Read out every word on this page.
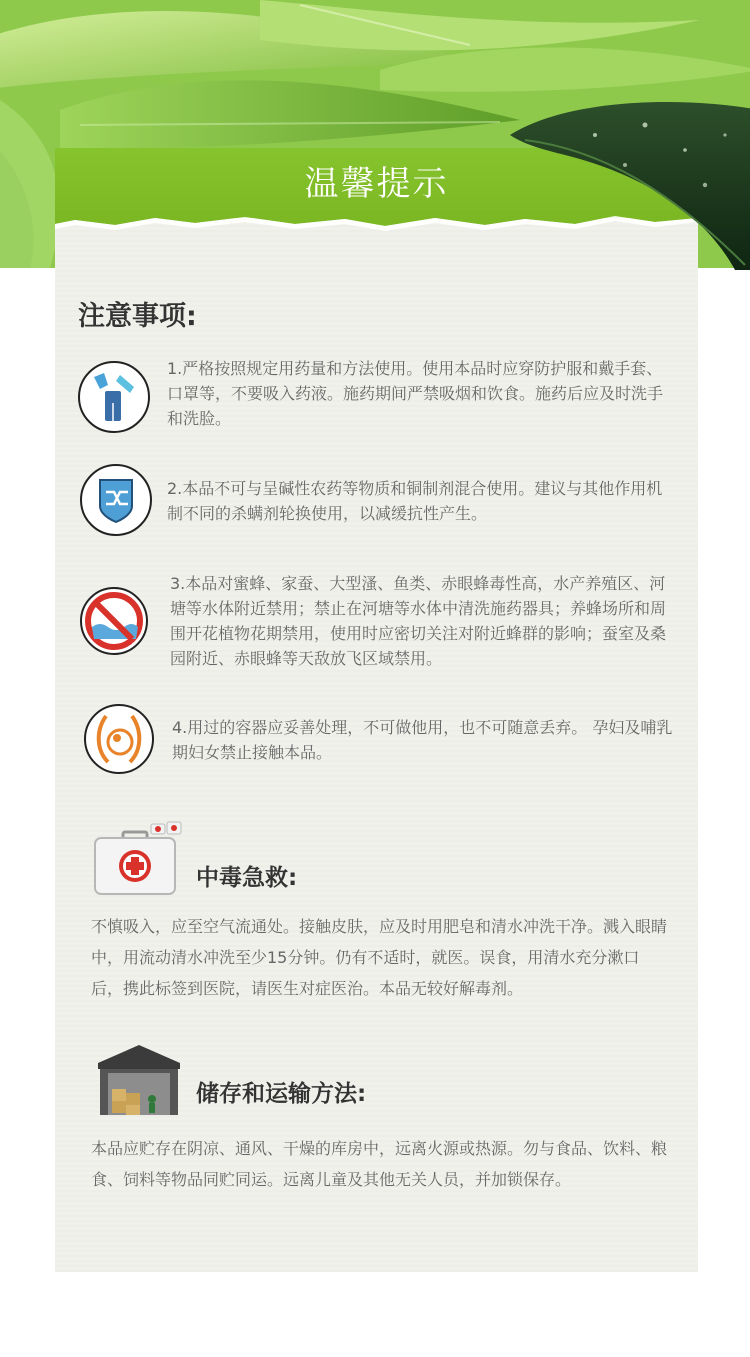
温馨提示
注意事项:

1.严格按照规定用药量和方法使用。使用本品时应穿防护服和戴手套、口罩等，不要吸入药液。施药期间严禁吸烟和饮食。施药后应及时洗手和洗脸。

2.本品不可与呈碱性农药等物质和铜制剂混合使用。建议与其他作用机制不同的杀螨剂轮换使用，以减缓抗性产生。

3.本品对蜜蜂、家蚕、大型溞、鱼类、赤眼蜂毒性高，水产养殖区、河塘等水体附近禁用；禁止在河塘等水体中清洗施药器具；养蜂场所和周围开花植物花期禁用，使用时应密切关注对附近蜂群的影响；蚕室及桑园附近、赤眼蜂等天敌放飞区域禁用。

4.用过的容器应妥善处理，不可做他用，也不可随意丢弃。 孕妇及哺乳期妇女禁止接触本品。

中毒急救:

不慎吸入，应至空气流通处。接触皮肤，应及时用肥皂和清水冲洗干净。溅入眼睛中，用流动清水冲洗至少15分钟。仍有不适时，就医。误食，用清水充分漱口后，携此标签到医院，请医生对症医治。本品无较好解毒剂。

储存和运输方法:

本品应贮存在阴凉、通风、干燥的库房中，远离火源或热源。勿与食品、饮料、粮食、饲料等物品同贮同运。远离儿童及其他无关人员，并加锁保存。
